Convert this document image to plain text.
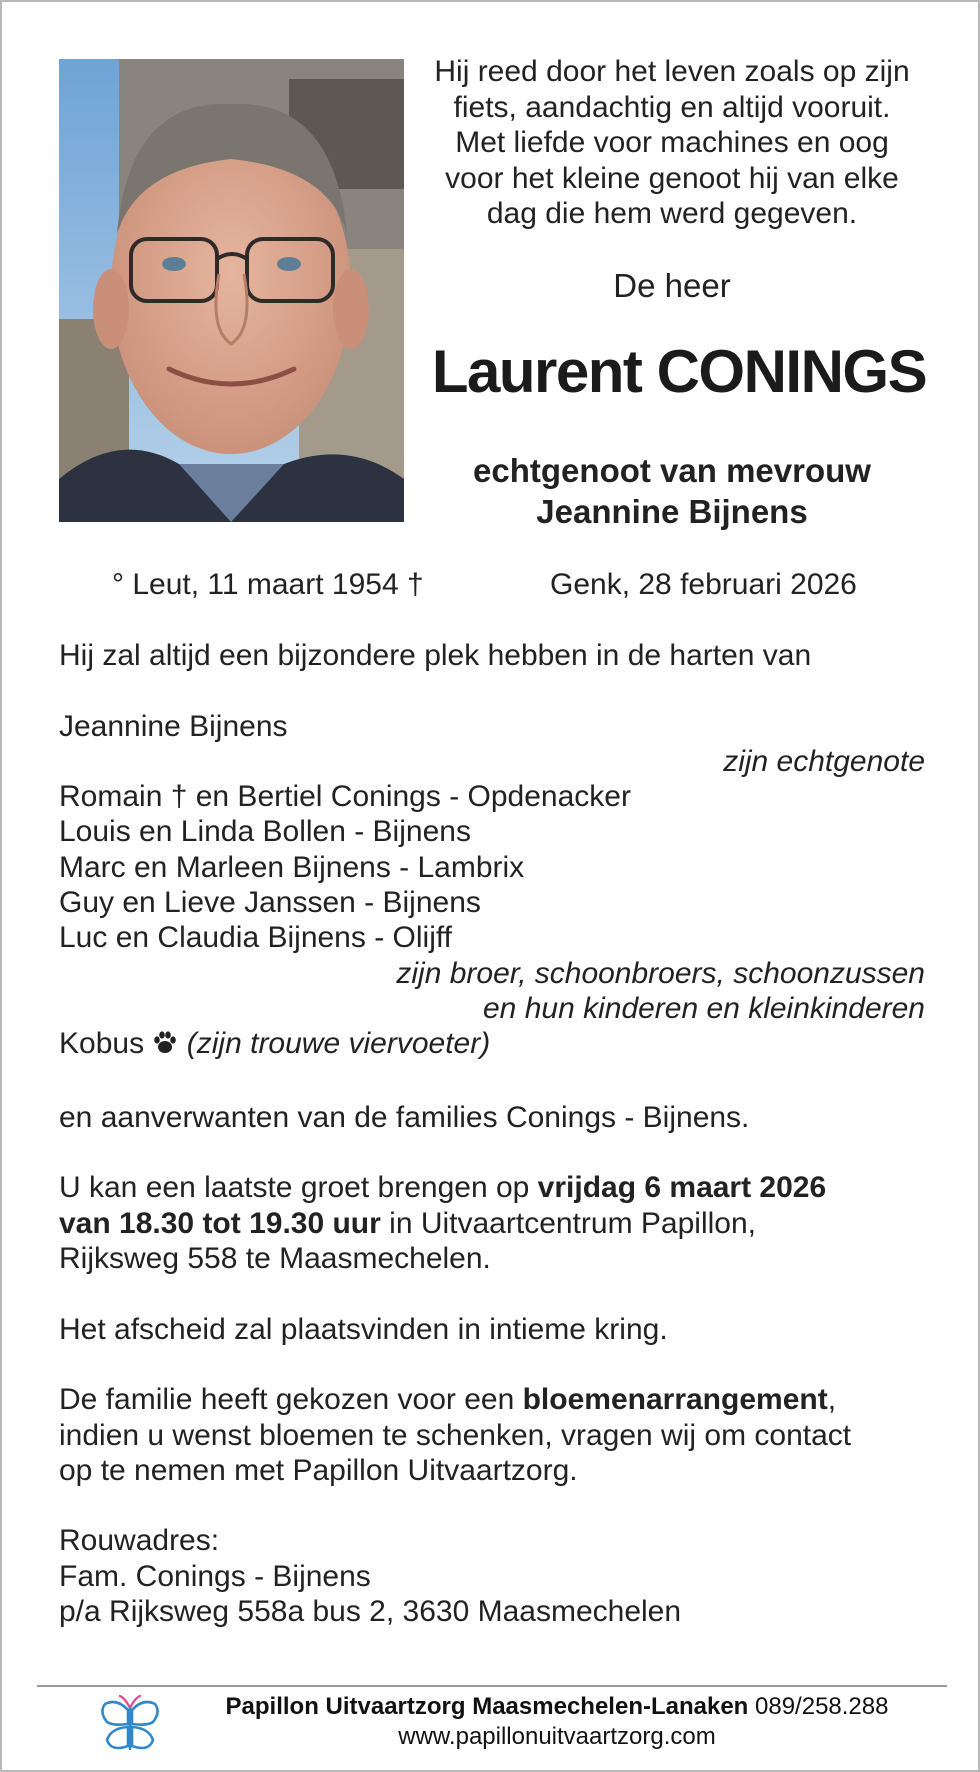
Hij reed door het leven zoals op zijn
fiets, aandachtig en altijd vooruit.
Met liefde voor machines en oog
voor het kleine genoot hij van elke
dag die hem werd gegeven.
De heer
Laurent CONINGS
echtgenoot van mevrouw
Jeannine Bijnens
° Leut, 11 maart 1954 †	Genk, 28 februari 2026

Hij zal altijd een bijzondere plek hebben in de harten van

Jeannine Bijnens

zijn echtgenote

Romain † en Bertiel Conings - Opdenacker

Louis en Linda Bollen - Bijnens

Marc en Marleen Bijnens - Lambrix

Guy en Lieve Janssen - Bijnens

Luc en Claudia Bijnens - Olijff

zijn broer, schoonbroers, schoonzussen

en hun kinderen en kleinkinderen

Kobus (zijn trouwe viervoeter)

en aanverwanten van de families Conings - Bijnens.

U kan een laatste groet brengen op vrijdag 6 maart 2026
van 18.30 tot 19.30 uur in Uitvaartcentrum Papillon,
Rijksweg 558 te Maasmechelen.

Het afscheid zal plaatsvinden in intieme kring.

De familie heeft gekozen voor een bloemenarrangement,
indien u wenst bloemen te schenken, vragen wij om contact
op te nemen met Papillon Uitvaartzorg.

Rouwadres:

Fam. Conings - Bijnens

p/a Rijksweg 558a bus 2, 3630 Maasmechelen

Papillon Uitvaartzorg Maasmechelen-Lanaken 089/258.288
www.papillonuitvaartzorg.com
